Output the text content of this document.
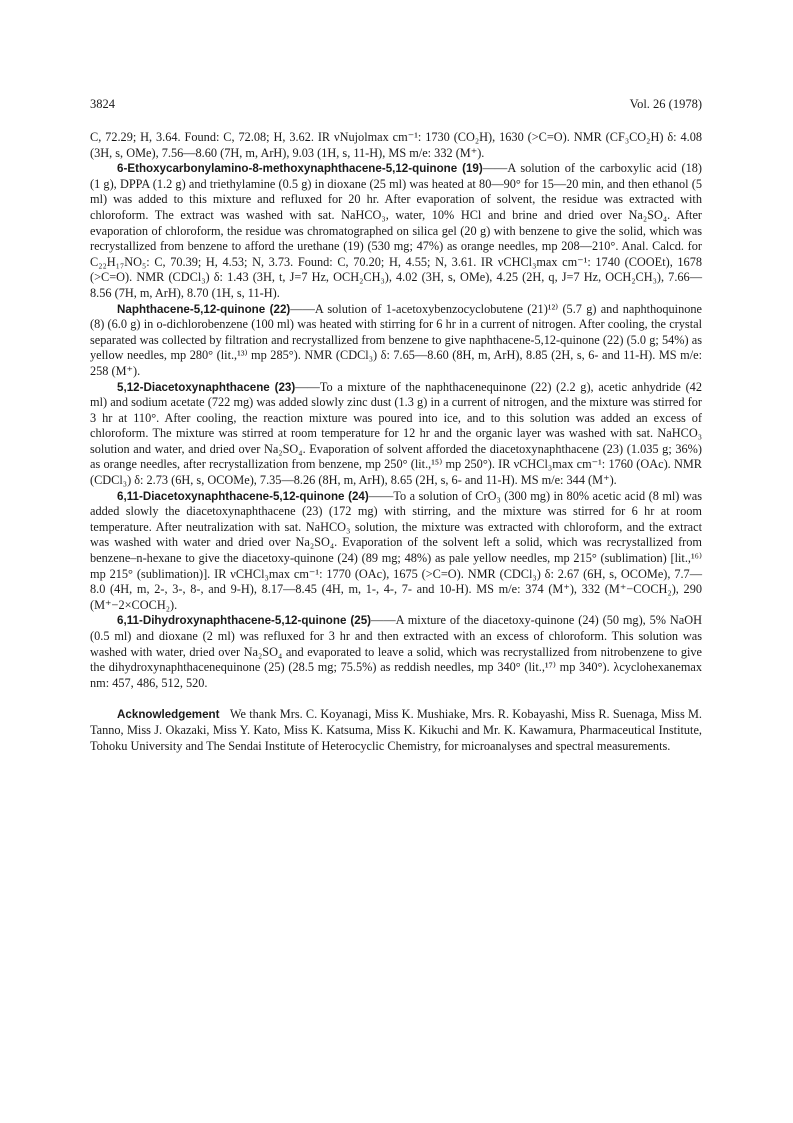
3824	Vol. 26 (1978)

C, 72.29; H, 3.64. Found: C, 72.08; H, 3.62. IR νNujolmax cm⁻¹: 1730 (CO₂H), 1630 (>C=O). NMR (CF₃CO₂H) δ: 4.08 (3H, s, OMe), 7.56—8.60 (7H, m, ArH), 9.03 (1H, s, 11-H), MS m/e: 332 (M⁺).

6-Ethoxycarbonylamino-8-methoxynaphthacene-5,12-quinone (19)——A solution of the carboxylic acid (18) (1 g), DPPA (1.2 g) and triethylamine (0.5 g) in dioxane (25 ml) was heated at 80—90° for 15—20 min, and then ethanol (5 ml) was added to this mixture and refluxed for 20 hr. After evaporation of solvent, the residue was extracted with chloroform. The extract was washed with sat. NaHCO₃, water, 10% HCl and brine and dried over Na₂SO₄. After evaporation of chloroform, the residue was chromatographed on silica gel (20 g) with benzene to give the solid, which was recrystallized from benzene to afford the urethane (19) (530 mg; 47%) as orange needles, mp 208—210°. Anal. Calcd. for C₂₂H₁₇NO₅: C, 70.39; H, 4.53; N, 3.73. Found: C, 70.20; H, 4.55; N, 3.61. IR νCHCl₃max cm⁻¹: 1740 (COOEt), 1678 (>C=O). NMR (CDCl₃) δ: 1.43 (3H, t, J=7 Hz, OCH₂CH₃), 4.02 (3H, s, OMe), 4.25 (2H, q, J=7 Hz, OCH₂CH₃), 7.66—8.56 (7H, m, ArH), 8.70 (1H, s, 11-H).

Naphthacene-5,12-quinone (22)——A solution of 1-acetoxybenzocyclobutene (21)¹²⁾ (5.7 g) and naphthoquinone (8) (6.0 g) in o-dichlorobenzene (100 ml) was heated with stirring for 6 hr in a current of nitrogen. After cooling, the crystal separated was collected by filtration and recrystallized from benzene to give naphthacene-5,12-quinone (22) (5.0 g; 54%) as yellow needles, mp 280° (lit.,¹³⁾ mp 285°). NMR (CDCl₃) δ: 7.65—8.60 (8H, m, ArH), 8.85 (2H, s, 6- and 11-H). MS m/e: 258 (M⁺).

5,12-Diacetoxynaphthacene (23)——To a mixture of the naphthacenequinone (22) (2.2 g), acetic anhydride (42 ml) and sodium acetate (722 mg) was added slowly zinc dust (1.3 g) in a current of nitrogen, and the mixture was stirred for 3 hr at 110°. After cooling, the reaction mixture was poured into ice, and to this solution was added an excess of chloroform. The mixture was stirred at room temperature for 12 hr and the organic layer was washed with sat. NaHCO₃ solution and water, and dried over Na₂SO₄. Evaporation of solvent afforded the diacetoxynaphthacene (23) (1.035 g; 36%) as orange needles, after recrystallization from benzene, mp 250° (lit.,¹⁵⁾ mp 250°). IR νCHCl₃max cm⁻¹: 1760 (OAc). NMR (CDCl₃) δ: 2.73 (6H, s, OCOMe), 7.35—8.26 (8H, m, ArH), 8.65 (2H, s, 6- and 11-H). MS m/e: 344 (M⁺).

6,11-Diacetoxynaphthacene-5,12-quinone (24)——To a solution of CrO₃ (300 mg) in 80% acetic acid (8 ml) was added slowly the diacetoxynaphthacene (23) (172 mg) with stirring, and the mixture was stirred for 6 hr at room temperature. After neutralization with sat. NaHCO₃ solution, the mixture was extracted with chloroform, and the extract was washed with water and dried over Na₂SO₄. Evaporation of the solvent left a solid, which was recrystallized from benzene–n-hexane to give the diacetoxy-quinone (24) (89 mg; 48%) as pale yellow needles, mp 215° (sublimation) [lit.,¹⁶⁾ mp 215° (sublimation)]. IR νCHCl₃max cm⁻¹: 1770 (OAc), 1675 (>C=O). NMR (CDCl₃) δ: 2.67 (6H, s, OCOMe), 7.7—8.0 (4H, m, 2-, 3-, 8-, and 9-H), 8.17—8.45 (4H, m, 1-, 4-, 7- and 10-H). MS m/e: 374 (M⁺), 332 (M⁺−COCH₂), 290 (M⁺−2×COCH₂).

6,11-Dihydroxynaphthacene-5,12-quinone (25)——A mixture of the diacetoxy-quinone (24) (50 mg), 5% NaOH (0.5 ml) and dioxane (2 ml) was refluxed for 3 hr and then extracted with an excess of chloroform. This solution was washed with water, dried over Na₂SO₄ and evaporated to leave a solid, which was recrystallized from nitrobenzene to give the dihydroxynaphthacenequinone (25) (28.5 mg; 75.5%) as reddish needles, mp 340° (lit.,¹⁷⁾ mp 340°). λcyclohexanemax nm: 457, 486, 512, 520.

Acknowledgement We thank Mrs. C. Koyanagi, Miss K. Mushiake, Mrs. R. Kobayashi, Miss R. Suenaga, Miss M. Tanno, Miss J. Okazaki, Miss Y. Kato, Miss K. Katsuma, Miss K. Kikuchi and Mr. K. Kawamura, Pharmaceutical Institute, Tohoku University and The Sendai Institute of Heterocyclic Chemistry, for microanalyses and spectral measurements.
